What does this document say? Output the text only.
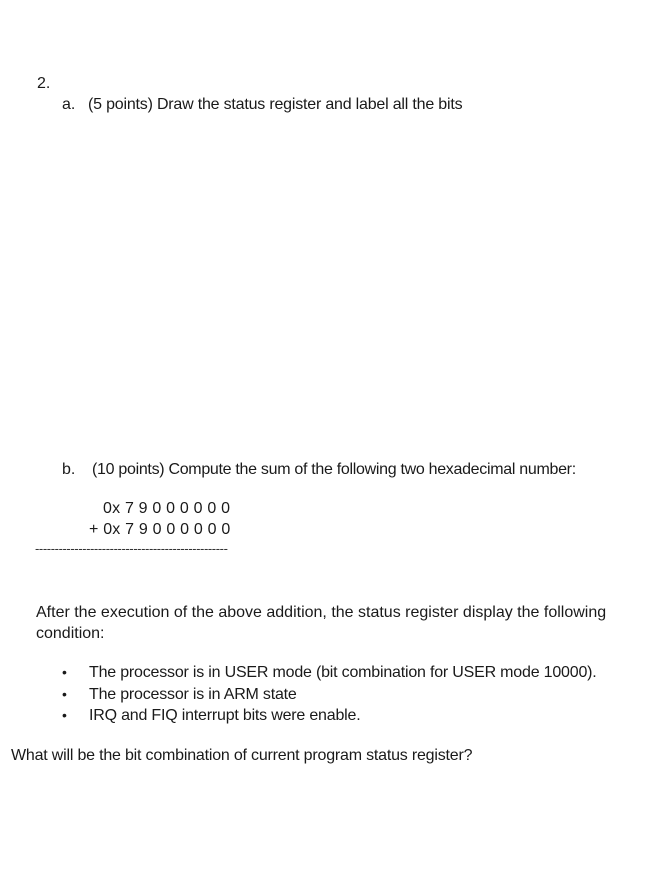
2.
a. (5 points) Draw the status register and label all the bits
b. (10 points) Compute the sum of the following two hexadecimal number:
0x 7 9 0 0 0 0 0 0
+ 0x 7 9 0 0 0 0 0 0
-------------------------------------------------
After the execution of the above addition, the status register display the following condition:
•	The processor is in USER mode (bit combination for USER mode 10000).
•	The processor is in ARM state
•	IRQ and FIQ interrupt bits were enable.
What will be the bit combination of current program status register?
